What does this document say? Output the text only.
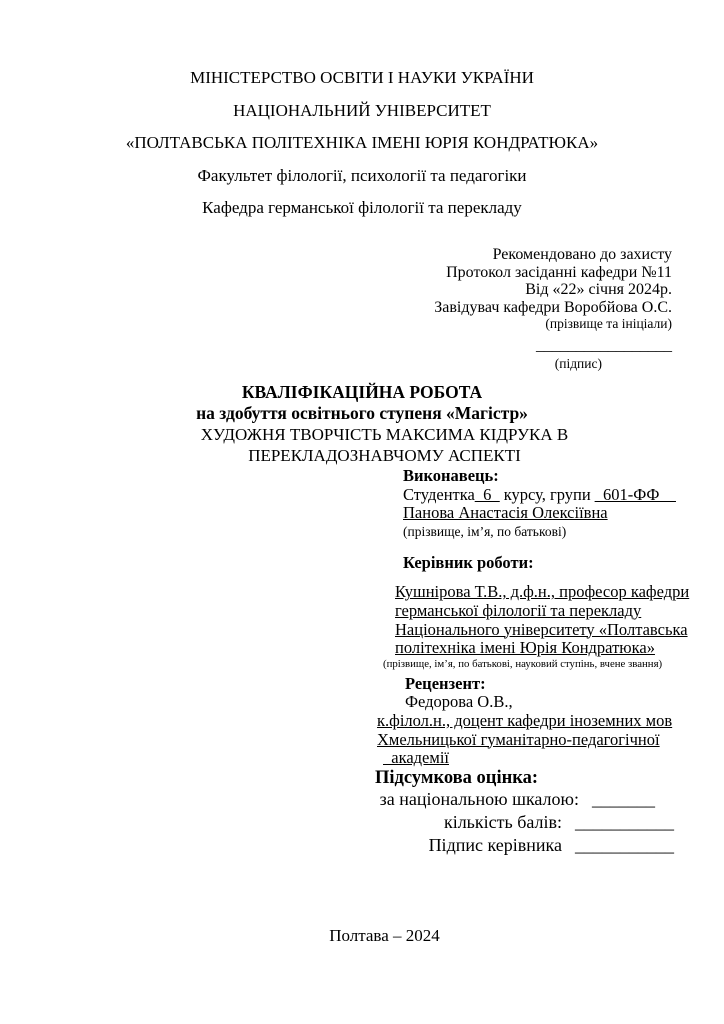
МІНІСТЕРСТВО ОСВІТИ І НАУКИ УКРАЇНИ
НАЦІОНАЛЬНИЙ УНІВЕРСИТЕТ
«ПОЛТАВСЬКА ПОЛІТЕХНІКА ІМЕНІ ЮРІЯ КОНДРАТЮКА»
Факультет філології, психології та педагогіки
Кафедра германської філології та перекладу
Рекомендовано до захисту
Протокол засіданні кафедри №11
Від «22» січня 2024р.
Завідувач кафедри Воробйова О.С.
(прізвище та ініціали)
_________________
(підпис)
КВАЛІФІКАЦІЙНА РОБОТА
на здобуття освітнього ступеня «Магістр»
ХУДОЖНЯ ТВОРЧІСТЬ МАКСИМА КІДРУКА В
ПЕРЕКЛАДОЗНАВЧОМУ АСПЕКТІ
Виконавець:
Студентка_6_ курсу, групи _601-ФФ__
Панова Анастасія Олексіївна
(прізвище, ім’я, по батькові)
Керівник роботи:
Кушнірова Т.В., д.ф.н., професор кафедри
германської філології та перекладу
Національного університету «Полтавська
політехніка імені Юрія Кондратюка»
(прізвище, ім’я, по батькові, науковий ступінь, вчене звання)
Рецензент:
Федорова О.В.,
к.філол.н., доцент кафедри іноземних мов
Хмельницької гуманітарно-педагогічної
академії
Підсумкова оцінка:
за національною шкалою: _______
кількість балів: ___________
Підпис керівника ___________
Полтава – 2024
